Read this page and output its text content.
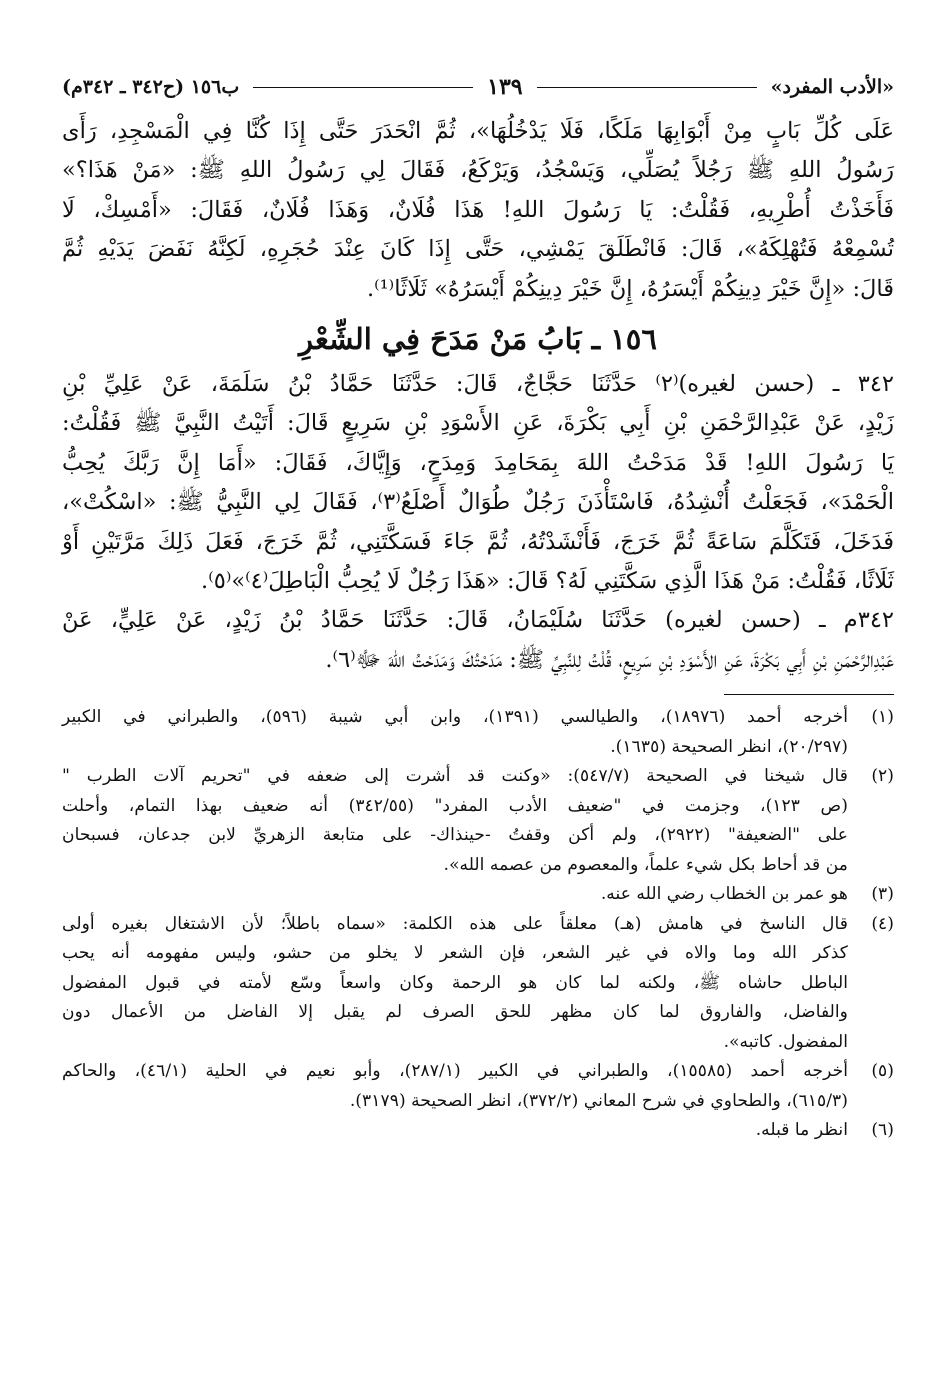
«الأدب المفرد»
١٣٩
ب١٥٦ (ح٣٤٢ ـ ٣٤٢م)

عَلَى كُلِّ بَابٍ مِنْ أَبْوَابِهَا مَلَكًا، فَلَا يَدْخُلُهَا»، ثُمَّ انْحَدَرَ حَتَّى إِذَا كُنَّا فِي الْمَسْجِدِ، رَأَى
رَسُولُ اللهِ ﷺ رَجُلاً يُصَلِّي، وَيَسْجُدُ، وَيَرْكَعُ، فَقَالَ لِي رَسُولُ اللهِ ﷺ: «مَنْ هَذَا؟»
فَأَخَذْتُ أُطْرِيهِ، فَقُلْتُ: يَا رَسُولَ اللهِ! هَذَا فُلَانٌ، وَهَذَا فُلَانٌ، فَقَالَ: «أَمْسِكْ، لَا
تُسْمِعْهُ فَتُهْلِكَهُ»، قَالَ: فَانْطَلَقَ يَمْشِي، حَتَّى إِذَا كَانَ عِنْدَ حُجَرِهِ، لَكِنَّهُ نَفَضَ يَدَيْهِ ثُمَّ
قَالَ: «إِنَّ خَيْرَ دِينِكُمْ أَيْسَرُهُ، إِنَّ خَيْرَ دِينِكُمْ أَيْسَرُهُ» ثَلَاثًا⁽¹⁾.

١٥٦ ـ بَابُ مَنْ مَدَحَ فِي الشِّعْرِ

٣٤٢ ـ (حسن لغيره)⁽٢⁾ حَدَّثَنَا حَجَّاجٌ، قَالَ: حَدَّثَنَا حَمَّادُ بْنُ سَلَمَةَ، عَنْ عَلِيِّ بْنِ
زَيْدٍ، عَنْ عَبْدِالرَّحْمَنِ بْنِ أَبِي بَكْرَةَ، عَنِ الأَسْوَدِ بْنِ سَرِيعٍ قَالَ: أَتَيْتُ النَّبِيَّ ﷺ فَقُلْتُ:
يَا رَسُولَ اللهِ! قَدْ مَدَحْتُ اللهَ بِمَحَامِدَ وَمِدَحٍ، وَإِيَّاكَ، فَقَالَ: «أَمَا إِنَّ رَبَّكَ يُحِبُّ
الْحَمْدَ»، فَجَعَلْتُ أُنْشِدُهُ، فَاسْتَأْذَنَ رَجُلٌ طُوَالٌ أَصْلَعُ⁽٣⁾، فَقَالَ لِي النَّبِيُّ ﷺ: «اسْكُتْ»،
فَدَخَلَ، فَتَكَلَّمَ سَاعَةً ثُمَّ خَرَجَ، فَأَنْشَدْتُهُ، ثُمَّ جَاءَ فَسَكَّتَنِي، ثُمَّ خَرَجَ، فَعَلَ ذَلِكَ مَرَّتَيْنِ أَوْ
ثَلَاثًا، فَقُلْتُ: مَنْ هَذَا الَّذِي سَكَّتَنِي لَهُ؟ قَالَ: «هَذَا رَجُلٌ لَا يُحِبُّ الْبَاطِلَ⁽٤⁾»⁽٥⁾.

٣٤٢م ـ (حسن لغيره) حَدَّثَنَا سُلَيْمَانُ، قَالَ: حَدَّثَنَا حَمَّادُ بْنُ زَيْدٍ، عَنْ عَلِيٍّ، عَنْ
عَبْدِالرَّحْمَنِ بْنِ أَبِي بَكْرَةَ، عَنِ الأَسْوَدِ بْنِ سَرِيعٍ، قُلْتُ لِلنَّبِيِّ ﷺ: مَدَحْتُكَ وَمَدَحْتُ اللهَ ﷻ⁽٦⁾.

(١)
أخرجه أحمد (١٨٩٧٦)، والطيالسي (١٣٩١)، وابن أبي شيبة (٥٩٦)، والطبراني في الكبير
(٢٠/٢٩٧)، انظر الصحيحة (١٦٣٥).
(٢)
قال شيخنا في الصحيحة (٥٤٧/٧): «وكنت قد أشرت إلى ضعفه في "تحريم آلات الطرب "
(ص ١٢٣)، وجزمت في "ضعيف الأدب المفرد" (٣٤٢/٥٥) أنه ضعيف بهذا التمام، وأحلت
على "الضعيفة" (٢٩٢٢)، ولم أكن وقفتُ -حينذاك- على متابعة الزهريِّ لابن جدعان، فسبحان
من قد أحاط بكل شيء علماً، والمعصوم من عصمه الله».
(٣)
هو عمر بن الخطاب رضي الله عنه.
(٤)
قال الناسخ في هامش (هـ) معلقاً على هذه الكلمة: «سماه باطلاً؛ لأن الاشتغال بغيره أولى
كذكر الله وما والاه في غير الشعر، فإن الشعر لا يخلو من حشو، وليس مفهومه أنه يحب
الباطل حاشاه ﷺ، ولكنه لما كان هو الرحمة وكان واسعاً وسّع لأمته في قبول المفضول
والفاضل، والفاروق لما كان مظهر للحق الصرف لم يقبل إلا الفاضل من الأعمال دون
المفضول. كاتبه».
(٥)
أخرجه أحمد (١٥٥٨٥)، والطبراني في الكبير (٢٨٧/١)، وأبو نعيم في الحلية (٤٦/١)، والحاكم
(٦١٥/٣)، والطحاوي في شرح المعاني (٣٧٢/٢)، انظر الصحيحة (٣١٧٩).
(٦)
انظر ما قبله.
